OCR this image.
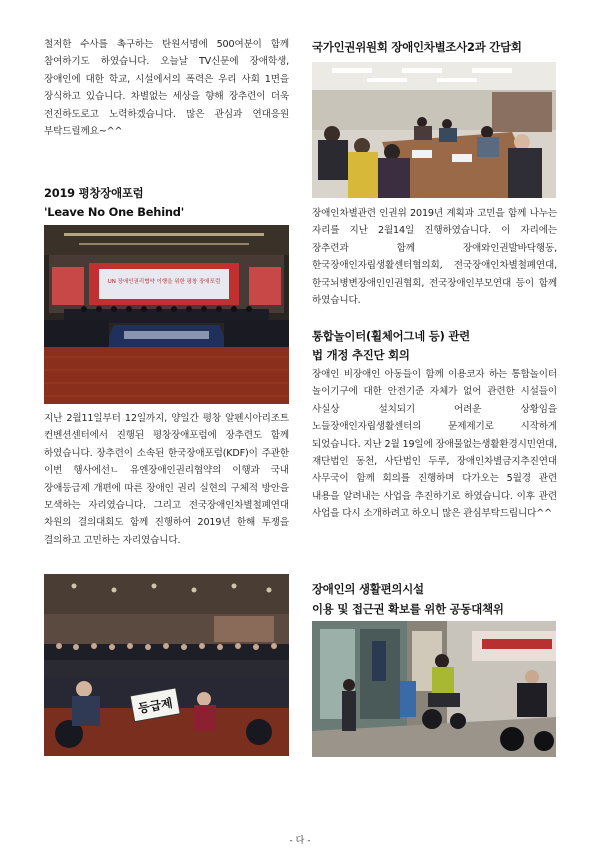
철저한 수사를 촉구하는 탄원서명에 500여분이 함께 참여하기도 하였습니다. 오늘날 TV신문에 장애학생, 장애인에 대한 학교, 시설에서의 폭력은 우리 사회 1면을 장식하고 있습니다. 차별없는 세상을 향해 장추련이 더욱 전진하도로고 노력하겠습니다. 많은 관심과 연대응원 부탁드릴께요~^^

2019 평창장애포럼
'Leave No One Behind'
UN 장애인권리협약 이행을 위한 평창 장애포럼

지난 2월11일부터 12일까지, 양일간 평창 알펜시아리조트 컨벤션센터에서 진행된 평창장애포럼에 장추련도 함께 하였습니다. 장추련이 소속된 한국장애포럼(KDF)이 주관한 이번 행사에선ㄴ 유엔장애인권리협약의 이행과 국내 장애등급제 개편에 따른 장애인 권리 실현의 구체적 방안을 모색하는 자리였습니다. 그리고 전국장애인차별철폐연대 차원의 결의대회도 함께 진행하여 2019년 한해 투쟁을 결의하고 고민하는 자리였습니다.

등급제
국가인권위원회 장애인차별조사2과 간담회

장애인차별관련 인권위 2019년 계획과 고민을 함께 나누는 자리를 지난 2월14일 진행하였습니다. 이 자리에는 장추련과 함께 장애와인권발바닥행동, 한국장애인자립생활센터협의회, 전국장애인차별철폐연대, 한국뇌병변장애인인권협회, 전국장애인부모연대 등이 함께 하였습니다.

통합놀이터(휠체어그네 등) 관련
법 개정 추진단 회의

장애인 비장애인 아동들이 함께 이용코자 하는 통합놀이터 놀이기구에 대한 안전기준 자체가 없어 관련한 시설들이 사실상 설치되기 어려운 상황임을 노들장애인자립생활센터의 문제제기로 시작하게 되었습니다. 지난 2월 19일에 장애물없는생활환경시민연대, 재단법인 동천, 사단법인 두루, 장애인차별금지추진연대 사무국이 함께 회의를 진행하며 다가오는 5월경 관련 내용을 알려내는 사업을 추진하기로 하였습니다. 이후 관련 사업을 다시 소개하려고 하오니 많은 관심부탁드립니다^^

장애인의 생활편의시설
이용 및 접근권 확보를 위한 공동대책위
- 다 -
